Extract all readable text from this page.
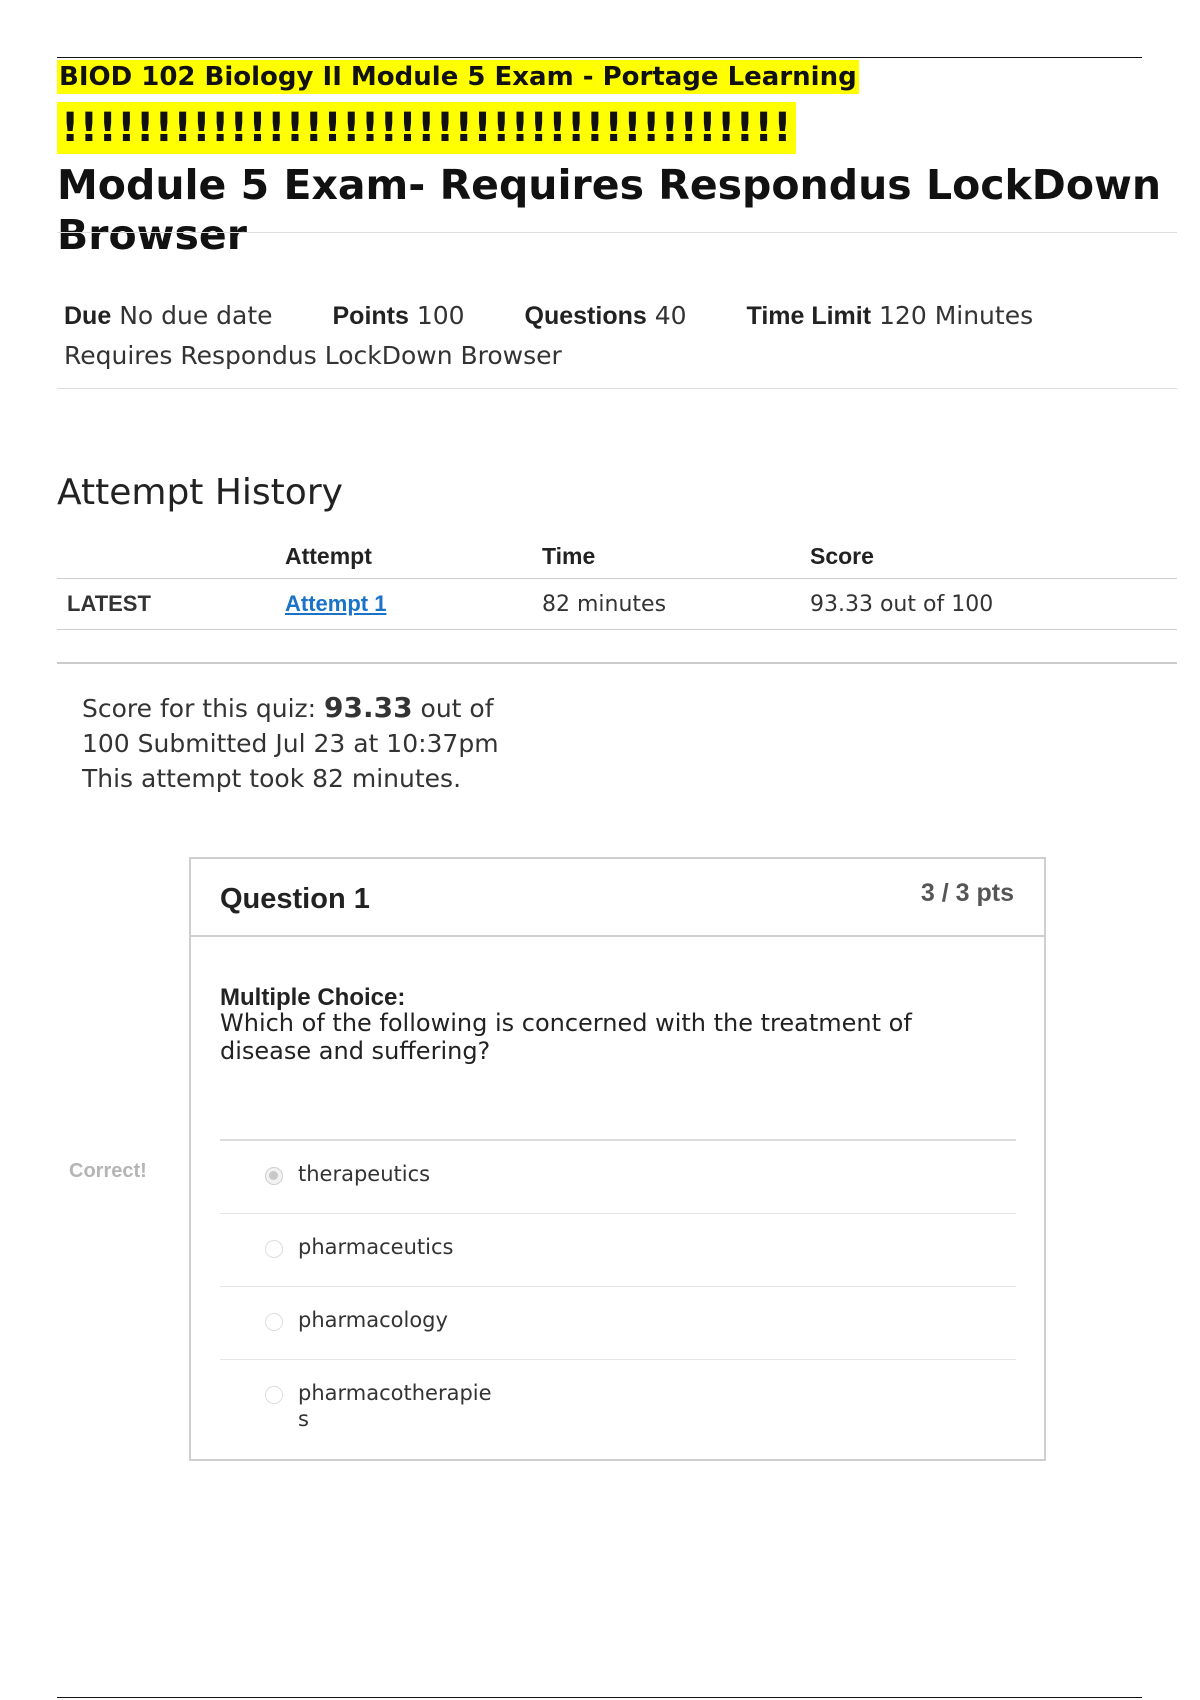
BIOD 102 Biology II Module 5 Exam - Portage Learning
!!!!!!!!!!!!!!!!!!!!!!!!!!!!!!!!!!!!!!!
Module 5 Exam- Requires Respondus LockDown Browser
Due No due date Points 100 Questions 40 Time Limit 120 Minutes Requires Respondus LockDown Browser
Attempt History
	Attempt	Time	Score
LATEST	Attempt 1	82 minutes	93.33 out of 100
Score for this quiz: 93.33 out of 100 Submitted Jul 23 at 10:37pm
This attempt took 82 minutes.
Correct!
Question 1	3 / 3 pts
Multiple Choice:
Which of the following is concerned with the treatment of disease and suffering?
therapeutics
pharmaceutics
pharmacology
pharmacotherapies
